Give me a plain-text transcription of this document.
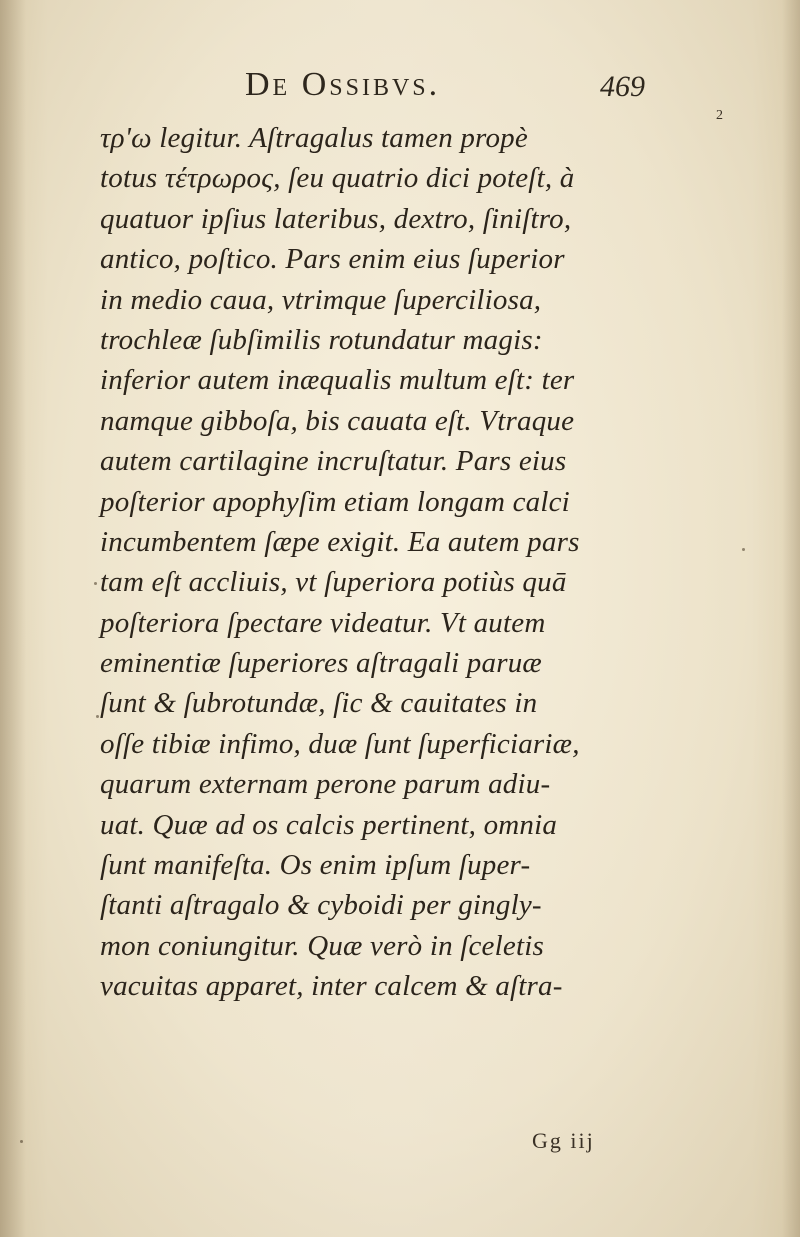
De Ossibvs.	469
2
τρ'ω legitur. Aſtragalus tamen propè
totus τέτρωρος, ſeu quatrio dici poteſt, à
quatuor ipſius lateribus, dextro, ſiniſtro,
antico, poſtico. Pars enim eius ſuperior
in medio caua, vtrimque ſuperciliosa,
trochleæ ſubſimilis rotundatur magis:
inferior autem inæqualis multum eſt: ter
namque gibboſa, bis cauata eſt. Vtraque
autem cartilagine incruſtatur. Pars eius
poſterior apophyſim etiam longam calci
incumbentem ſæpe exigit. Ea autem pars
tam eſt accliuis, vt ſuperiora potiùs quā
poſteriora ſpectare videatur. Vt autem
eminentiæ ſuperiores aſtragali paruæ
ſunt & ſubrotundæ, ſic & cauitates in
oſſe tibiæ infimo, duæ ſunt ſuperficiariæ,
quarum externam perone parum adiu-
uat. Quæ ad os calcis pertinent, omnia
ſunt manifeſta. Os enim ipſum ſuper-
ſtanti aſtragalo & cyboidi per gingly-
mon coniungitur. Quæ verò in ſceletis
vacuitas apparet, inter calcem & aſtra-
Gg iij
